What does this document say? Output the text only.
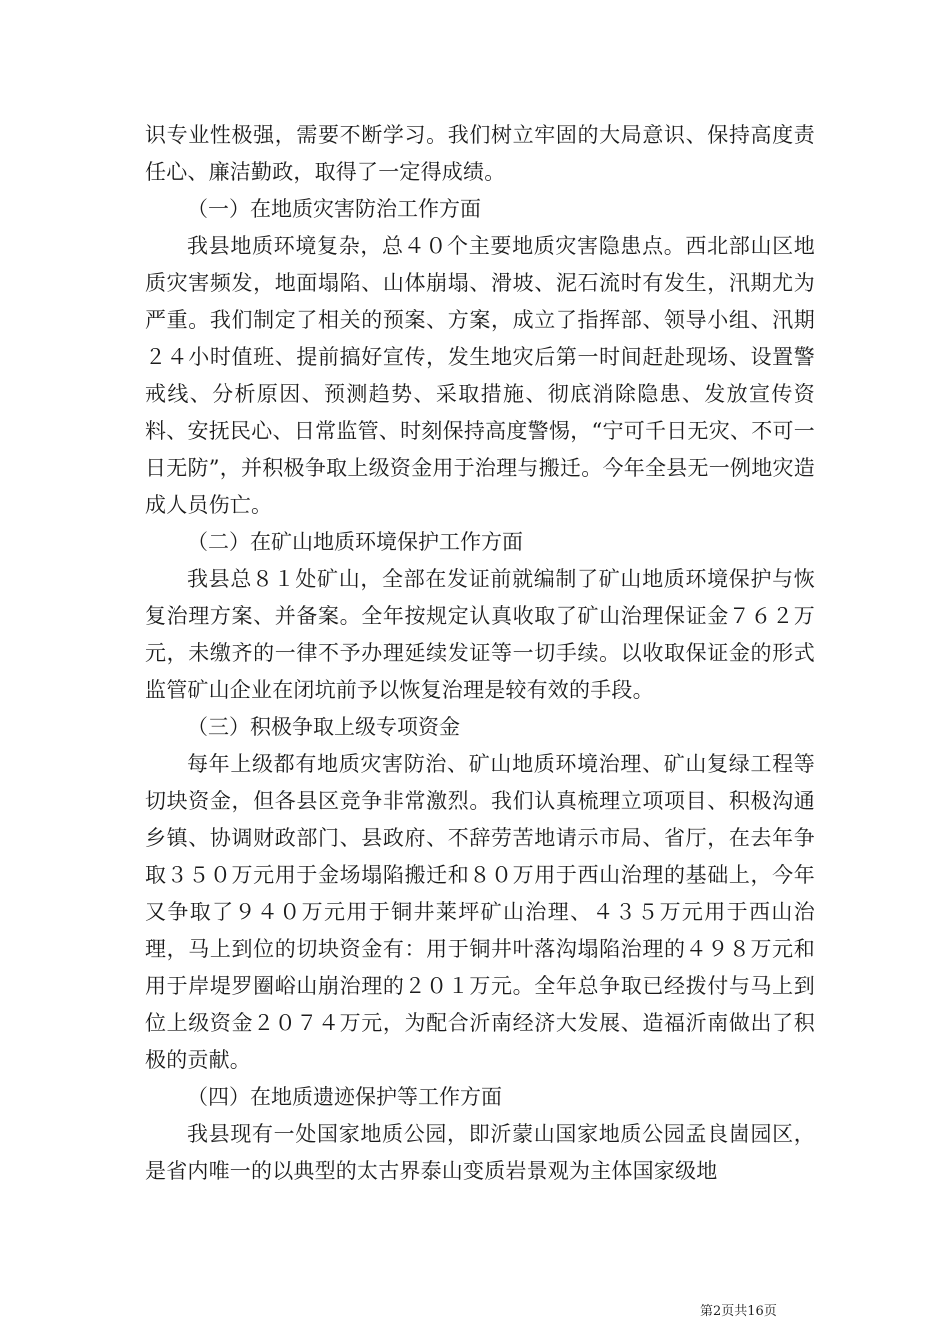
识专业性极强，需要不断学习。我们树立牢固的大局意识、保持高度责任心、廉洁勤政，取得了一定得成绩。

（一）在地质灾害防治工作方面

我县地质环境复杂，总４０个主要地质灾害隐患点。西北部山区地质灾害频发，地面塌陷、山体崩塌、滑坡、泥石流时有发生，汛期尤为严重。我们制定了相关的预案、方案，成立了指挥部、领导小组、汛期２４小时值班、提前搞好宣传，发生地灾后第一时间赶赴现场、设置警戒线、分析原因、预测趋势、采取措施、彻底消除隐患、发放宣传资料、安抚民心、日常监管、时刻保持高度警惕，“宁可千日无灾、不可一日无防”，并积极争取上级资金用于治理与搬迁。今年全县无一例地灾造成人员伤亡。

（二）在矿山地质环境保护工作方面

我县总８１处矿山，全部在发证前就编制了矿山地质环境保护与恢复治理方案、并备案。全年按规定认真收取了矿山治理保证金７６２万元，未缴齐的一律不予办理延续发证等一切手续。以收取保证金的形式监管矿山企业在闭坑前予以恢复治理是较有效的手段。

（三）积极争取上级专项资金

每年上级都有地质灾害防治、矿山地质环境治理、矿山复绿工程等切块资金，但各县区竞争非常激烈。我们认真梳理立项项目、积极沟通乡镇、协调财政部门、县政府、不辞劳苦地请示市局、省厅，在去年争取３５０万元用于金场塌陷搬迁和８０万用于西山治理的基础上，今年又争取了９４０万元用于铜井莱坪矿山治理、４３５万元用于西山治理，马上到位的切块资金有：用于铜井叶落沟塌陷治理的４９８万元和用于岸堤罗圈峪山崩治理的２０１万元。全年总争取已经拨付与马上到位上级资金２０７４万元，为配合沂南经济大发展、造福沂南做出了积极的贡献。

（四）在地质遗迹保护等工作方面

我县现有一处国家地质公园，即沂蒙山国家地质公园孟良崮园区，是省内唯一的以典型的太古界泰山变质岩景观为主体国家级地

第2页共16页
